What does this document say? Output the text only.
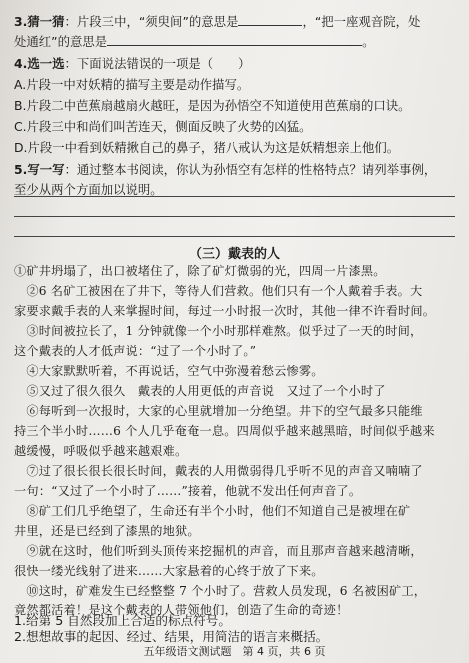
3.猜一猜：片段三中，“须臾间”的意思是	，“把一座观音院，处
处通红”的意思是	。
4.选一选：下面说法错误的一项是（　　）
A.片段一中对妖精的描写主要是动作描写。
B.片段二中芭蕉扇越扇火越旺，是因为孙悟空不知道使用芭蕉扇的口诀。
C.片段三中和尚们叫苦连天，侧面反映了火势的凶猛。
D.片段一中看到妖精揪自己的鼻子，猪八戒认为这是妖精想亲上他们。
5.写一写：通过整本书阅读，你认为孙悟空有怎样的性格特点？请列举事例，
至少从两个方面加以说明。
（三）戴表的人
①矿井坍塌了，出口被堵住了，除了矿灯微弱的光，四周一片漆黑。
　②6 名矿工被困在了井下，等待人们营救。他们只有一个人戴着手表。大
家要求戴手表的人来掌握时间，每过一小时报一次时，其他一律不许看时间。
　③时间被拉长了，1 分钟就像一个小时那样难熬。似乎过了一天的时间，
这个戴表的人才低声说：“过了一个小时了。”
　④大家默默听着，不再说话，空气中弥漫着愁云惨雾。
　⑤又过了很久很久　戴表的人用更低的声音说　又过了一个小时了
　⑥每听到一次报时，大家的心里就增加一分绝望。井下的空气最多只能维
持三个半小时……6 个人几乎奄奄一息。四周似乎越来越黑暗，时间似乎越来
越缓慢，呼吸似乎越来越艰难。
　⑦过了很长很长很长时间，戴表的人用微弱得几乎听不见的声音又喃喃了
一句：“又过了一个小时了……”接着，他就不发出任何声音了。
　⑧矿工们几乎绝望了，生命还有半个小时，他们不知道自己是被埋在矿
井里，还是已经到了漆黑的地狱。
　⑨就在这时，他们听到头顶传来挖掘机的声音，而且那声音越来越清晰，
很快一缕光线射了进来……大家悬着的心终于放了下来。
　⑩这时，矿难发生已经整整 7 个小时了。营救人员发现，6 名被困矿工，
竟然都活着！是这个戴表的人带领他们，创造了生命的奇迹！
1.给第 5 自然段加上合适的标点符号。
2.想想故事的起因、经过、结果，用简洁的语言来概括。
五年级语文测试题　第 4 页，共 6 页
